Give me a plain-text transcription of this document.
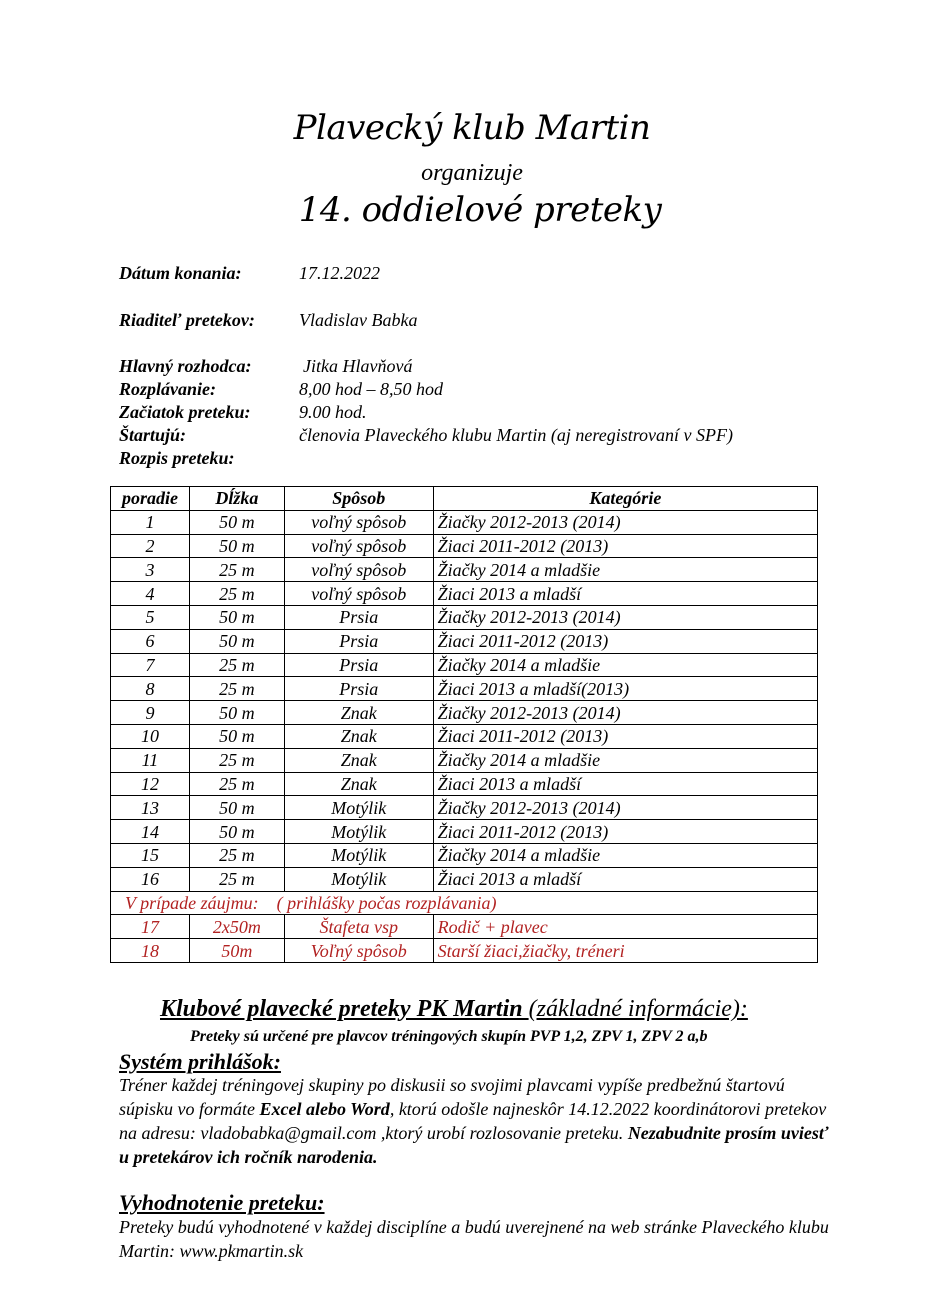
Plavecký klub Martin
organizuje
14. oddielové preteky
Dátum konania:	17.12.2022
Riaditeľ pretekov: Vladislav Babka
Hlavný rozhodca:	Jitka Hlavňová
Rozplávanie:	8,00 hod – 8,50 hod
Začiatok preteku:	9.00 hod.
Štartujú:	členovia Plaveckého klubu Martin (aj neregistrovaní v SPF)
Rozpis preteku:
poradie	Dĺžka	Spôsob	Kategórie
1	50 m	voľný spôsob	Žiačky 2012-2013 (2014)
2	50 m	voľný spôsob	Žiaci 2011-2012 (2013)
3	25 m	voľný spôsob	Žiačky 2014 a mladšie
4	25 m	voľný spôsob	Žiaci 2013 a mladší
5	50 m	Prsia	Žiačky 2012-2013 (2014)
6	50 m	Prsia	Žiaci 2011-2012 (2013)
7	25 m	Prsia	Žiačky 2014 a mladšie
8	25 m	Prsia	Žiaci 2013 a mladší(2013)
9	50 m	Znak	Žiačky 2012-2013 (2014)
10	50 m	Znak	Žiaci 2011-2012 (2013)
11	25 m	Znak	Žiačky 2014 a mladšie
12	25 m	Znak	Žiaci 2013 a mladší
13	50 m	Motýlik	Žiačky 2012-2013 (2014)
14	50 m	Motýlik	Žiaci 2011-2012 (2013)
15	25 m	Motýlik	Žiačky 2014 a mladšie
16	25 m	Motýlik	Žiaci 2013 a mladší
V prípade záujmu:    ( prihlášky počas rozplávania)			
17	2x50m	Štafeta vsp	Rodič + plavec
18	50m	Voľný spôsob	Starší žiaci,žiačky, tréneri
Klubové plavecké preteky PK Martin (základné informácie):
Preteky sú určené pre plavcov tréningových skupín PVP 1,2, ZPV 1, ZPV 2 a,b
Systém prihlášok:
Tréner každej tréningovej skupiny po diskusii so svojimi plavcami vypíše predbežnú štartovú súpisku vo formáte Excel alebo Word, ktorú odošle najneskôr 14.12.2022 koordinátorovi pretekov na adresu: vladobabka@gmail.com ,ktorý urobí rozlosovanie preteku. Nezabudnite prosím uviesť u pretekárov ich ročník narodenia.
Vyhodnotenie preteku:
Preteky budú vyhodnotené v každej disciplíne a budú uverejnené na web stránke Plaveckého klubu Martin: www.pkmartin.sk
